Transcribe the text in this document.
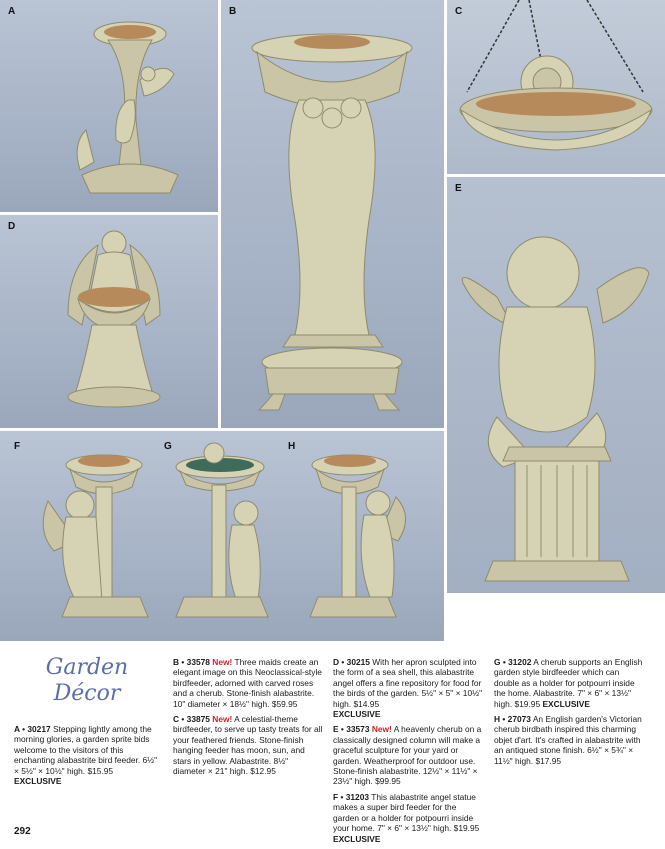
A	B	C
D
E
F	G	H
Garden
Décor

A • 30217 Stepping lightly among the morning glories, a garden sprite bids welcome to the visitors of this enchanting alabastrite bird feeder. 6½" × 5½" × 10½" high. $15.95
EXCLUSIVE

B • 33578 New! Three maids create an elegant image on this Neoclassical-style birdfeeder, adorned with carved roses and a cherub. Stone-finish alabastrite. 10" diameter × 18½" high. $59.95

C • 33875 New! A celestial-theme birdfeeder, to serve up tasty treats for all your feathered friends. Stone-finish hanging feeder has moon, sun, and stars in yellow. Alabastrite. 8½" diameter × 21" high. $12.95

D • 30215 With her apron sculpted into the form of a sea shell, this alabastrite angel offers a fine repository for food for the birds of the garden. 5½" × 5" × 10½" high. $14.95
EXCLUSIVE

E • 33573 New! A heavenly cherub on a classically designed column will make a graceful sculpture for your yard or garden. Weatherproof for outdoor use. Stone-finish alabastrite. 12½" × 11½" × 23½" high. $99.95

F • 31203 This alabastrite angel statue makes a super bird feeder for the garden or a holder for potpourri inside your home. 7" × 6" × 13½" high. $19.95 EXCLUSIVE

G • 31202 A cherub supports an English garden style birdfeeder which can double as a holder for potpourri inside the home. Alabastrite. 7" × 6" × 13½" high. $19.95 EXCLUSIVE

H • 27073 An English garden's Victorian cherub birdbath inspired this charming objet d'art. It's crafted in alabastrite with an antiqued stone finish. 6½" × 5¾" × 11½" high. $17.95

292
